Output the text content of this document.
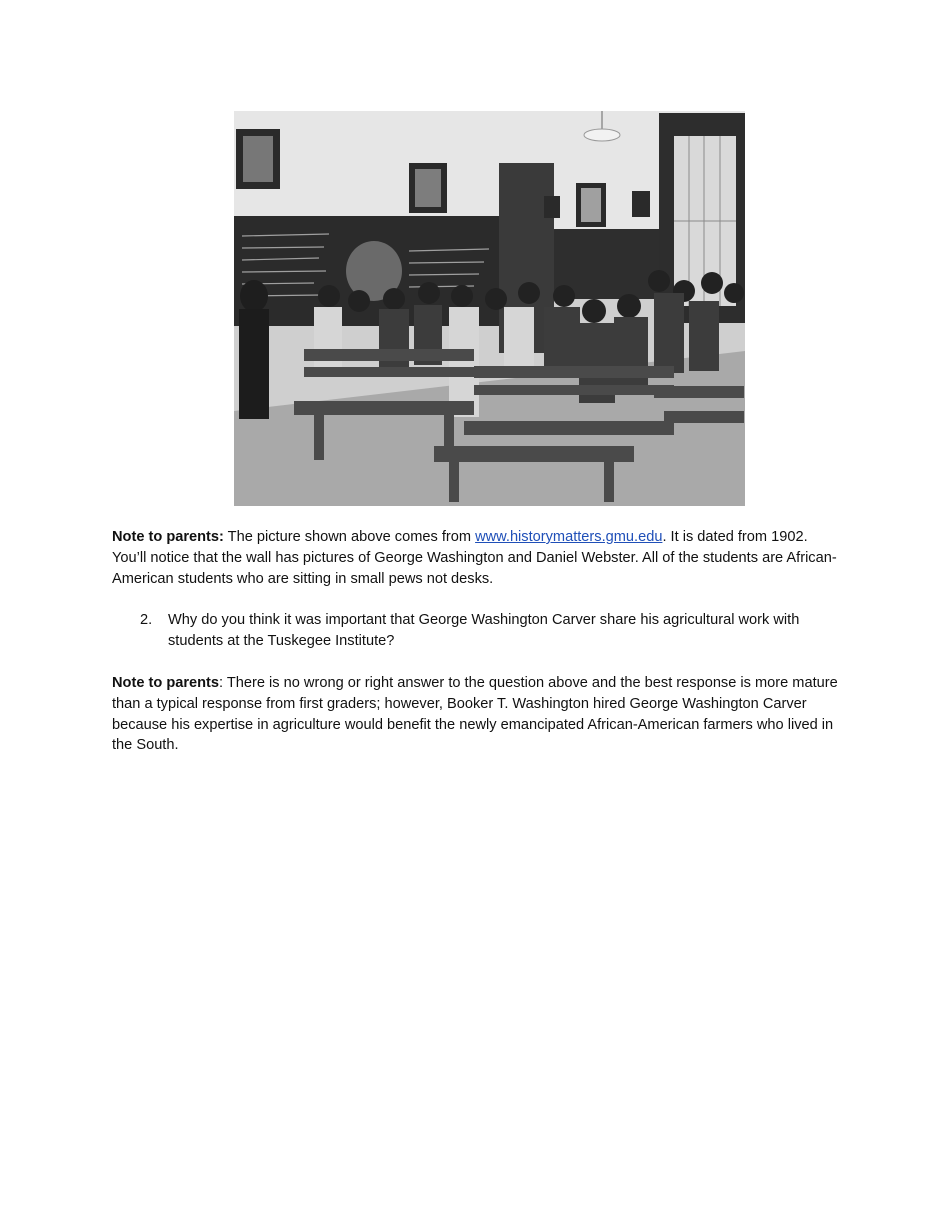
Note to parents: The picture shown above comes from www.historymatters.gmu.edu. It is dated from 1902. You’ll notice that the wall has pictures of George Washington and Daniel Webster. All of the students are African-American students who are sitting in small pews not desks.
2. Why do you think it was important that George Washington Carver share his agricultural work with students at the Tuskegee Institute?
Note to parents: There is no wrong or right answer to the question above and the best response is more mature than a typical response from first graders; however, Booker T. Washington hired George Washington Carver because his expertise in agriculture would benefit the newly emancipated African-American farmers who lived in the South.
